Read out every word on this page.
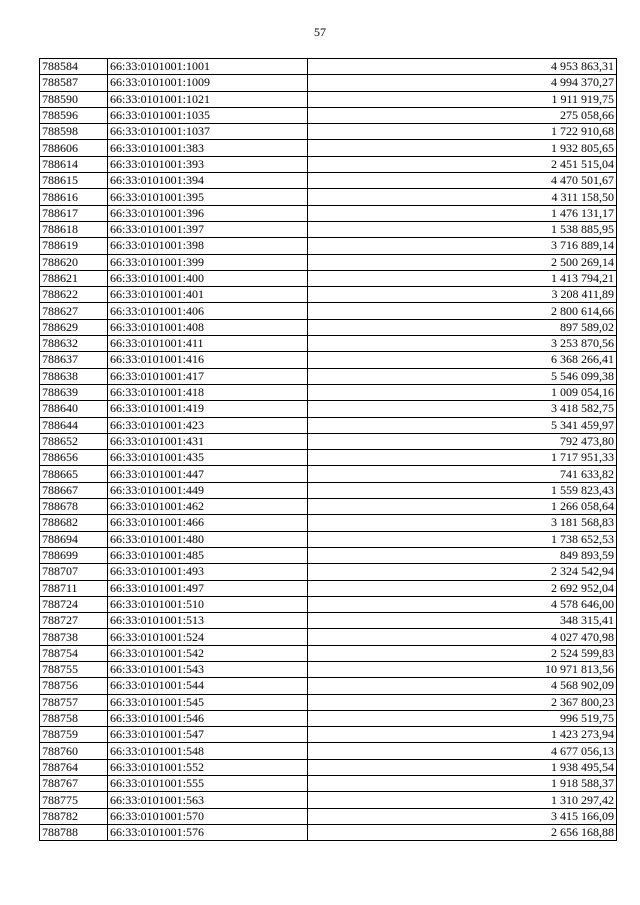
57
788584	66:33:0101001:1001	4 953 863,31
788587	66:33:0101001:1009	4 994 370,27
788590	66:33:0101001:1021	1 911 919,75
788596	66:33:0101001:1035	275 058,66
788598	66:33:0101001:1037	1 722 910,68
788606	66:33:0101001:383	1 932 805,65
788614	66:33:0101001:393	2 451 515,04
788615	66:33:0101001:394	4 470 501,67
788616	66:33:0101001:395	4 311 158,50
788617	66:33:0101001:396	1 476 131,17
788618	66:33:0101001:397	1 538 885,95
788619	66:33:0101001:398	3 716 889,14
788620	66:33:0101001:399	2 500 269,14
788621	66:33:0101001:400	1 413 794,21
788622	66:33:0101001:401	3 208 411,89
788627	66:33:0101001:406	2 800 614,66
788629	66:33:0101001:408	897 589,02
788632	66:33:0101001:411	3 253 870,56
788637	66:33:0101001:416	6 368 266,41
788638	66:33:0101001:417	5 546 099,38
788639	66:33:0101001:418	1 009 054,16
788640	66:33:0101001:419	3 418 582,75
788644	66:33:0101001:423	5 341 459,97
788652	66:33:0101001:431	792 473,80
788656	66:33:0101001:435	1 717 951,33
788665	66:33:0101001:447	741 633,82
788667	66:33:0101001:449	1 559 823,43
788678	66:33:0101001:462	1 266 058,64
788682	66:33:0101001:466	3 181 568,83
788694	66:33:0101001:480	1 738 652,53
788699	66:33:0101001:485	849 893,59
788707	66:33:0101001:493	2 324 542,94
788711	66:33:0101001:497	2 692 952,04
788724	66:33:0101001:510	4 578 646,00
788727	66:33:0101001:513	348 315,41
788738	66:33:0101001:524	4 027 470,98
788754	66:33:0101001:542	2 524 599,83
788755	66:33:0101001:543	10 971 813,56
788756	66:33:0101001:544	4 568 902,09
788757	66:33:0101001:545	2 367 800,23
788758	66:33:0101001:546	996 519,75
788759	66:33:0101001:547	1 423 273,94
788760	66:33:0101001:548	4 677 056,13
788764	66:33:0101001:552	1 938 495,54
788767	66:33:0101001:555	1 918 588,37
788775	66:33:0101001:563	1 310 297,42
788782	66:33:0101001:570	3 415 166,09
788788	66:33:0101001:576	2 656 168,88
